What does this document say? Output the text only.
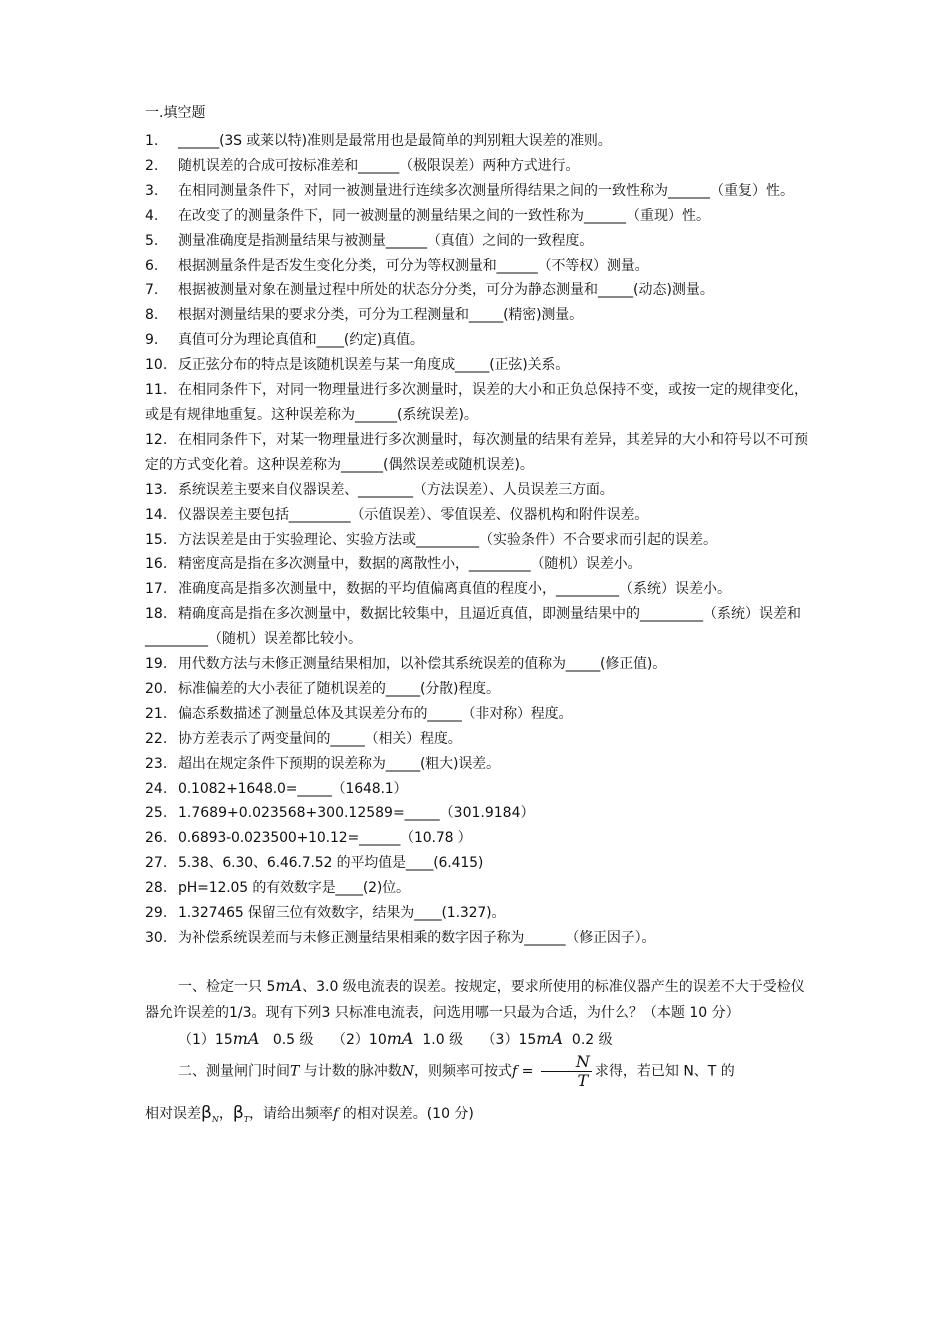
一.填空题
1. ______(3S 或莱以特)准则是最常用也是最简单的判别粗大误差的准则。
2. 随机误差的合成可按标准差和______（极限误差）两种方式进行。
3. 在相同测量条件下，对同一被测量进行连续多次测量所得结果之间的一致性称为______（重复）性。
4. 在改变了的测量条件下，同一被测量的测量结果之间的一致性称为______（重现）性。
5. 测量准确度是指测量结果与被测量______（真值）之间的一致程度。
6. 根据测量条件是否发生变化分类，可分为等权测量和______（不等权）测量。
7. 根据被测量对象在测量过程中所处的状态分分类，可分为静态测量和_____(动态)测量。
8. 根据对测量结果的要求分类，可分为工程测量和_____(精密)测量。
9. 真值可分为理论真值和____(约定)真值。
10. 反正弦分布的特点是该随机误差与某一角度成_____(正弦)关系。
11. 在相同条件下，对同一物理量进行多次测量时，误差的大小和正负总保持不变，或按一定的规律变化，或是有规律地重复。这种误差称为______(系统误差)。
12. 在相同条件下，对某一物理量进行多次测量时，每次测量的结果有差异，其差异的大小和符号以不可预定的方式变化着。这种误差称为______(偶然误差或随机误差)。
13. 系统误差主要来自仪器误差、________（方法误差）、人员误差三方面。
14. 仪器误差主要包括_________（示值误差）、零值误差、仪器机构和附件误差。
15. 方法误差是由于实验理论、实验方法或_________（实验条件）不合要求而引起的误差。
16. 精密度高是指在多次测量中，数据的离散性小，_________（随机）误差小。
17. 准确度高是指多次测量中，数据的平均值偏离真值的程度小，_________（系统）误差小。
18. 精确度高是指在多次测量中，数据比较集中，且逼近真值，即测量结果中的_________（系统）误差和_________（随机）误差都比较小。
19. 用代数方法与未修正测量结果相加，以补偿其系统误差的值称为_____(修正值)。
20. 标准偏差的大小表征了随机误差的_____(分散)程度。
21. 偏态系数描述了测量总体及其误差分布的_____（非对称）程度。
22. 协方差表示了两变量间的_____（相关）程度。
23. 超出在规定条件下预期的误差称为_____(粗大)误差。
24. 0.1082+1648.0=_____（1648.1）
25. 1.7689+0.023568+300.12589=_____（301.9184）
26. 0.6893-0.023500+10.12=______（10.78 ）
27. 5.38、6.30、6.46.7.52 的平均值是____(6.415)
28. pH=12.05 的有效数字是____(2)位。
29. 1.327465 保留三位有效数字，结果为____(1.327)。
30. 为补偿系统误差而与未修正测量结果相乘的数字因子称为______（修正因子）。

一、检定一只 5mA、3.0 级电流表的误差。按规定，要求所使用的标准仪器产生的误差不大于受检仪器允许误差的1/3。现有下列3 只标准电流表，问选用哪一只最为合适，为什么？（本题 10 分）

（1）15mA 0.5 级 （2）10mA 1.0 级 （3）15mA 0.2 级

二、测量闸门时间T 与计数的脉冲数N，则频率可按式$f = \frac{N}{T}$ 求得，若已知 N、T 的

相对误差$\beta_N$，$\beta_T$，请给出频率f 的相对误差。(10 分)
